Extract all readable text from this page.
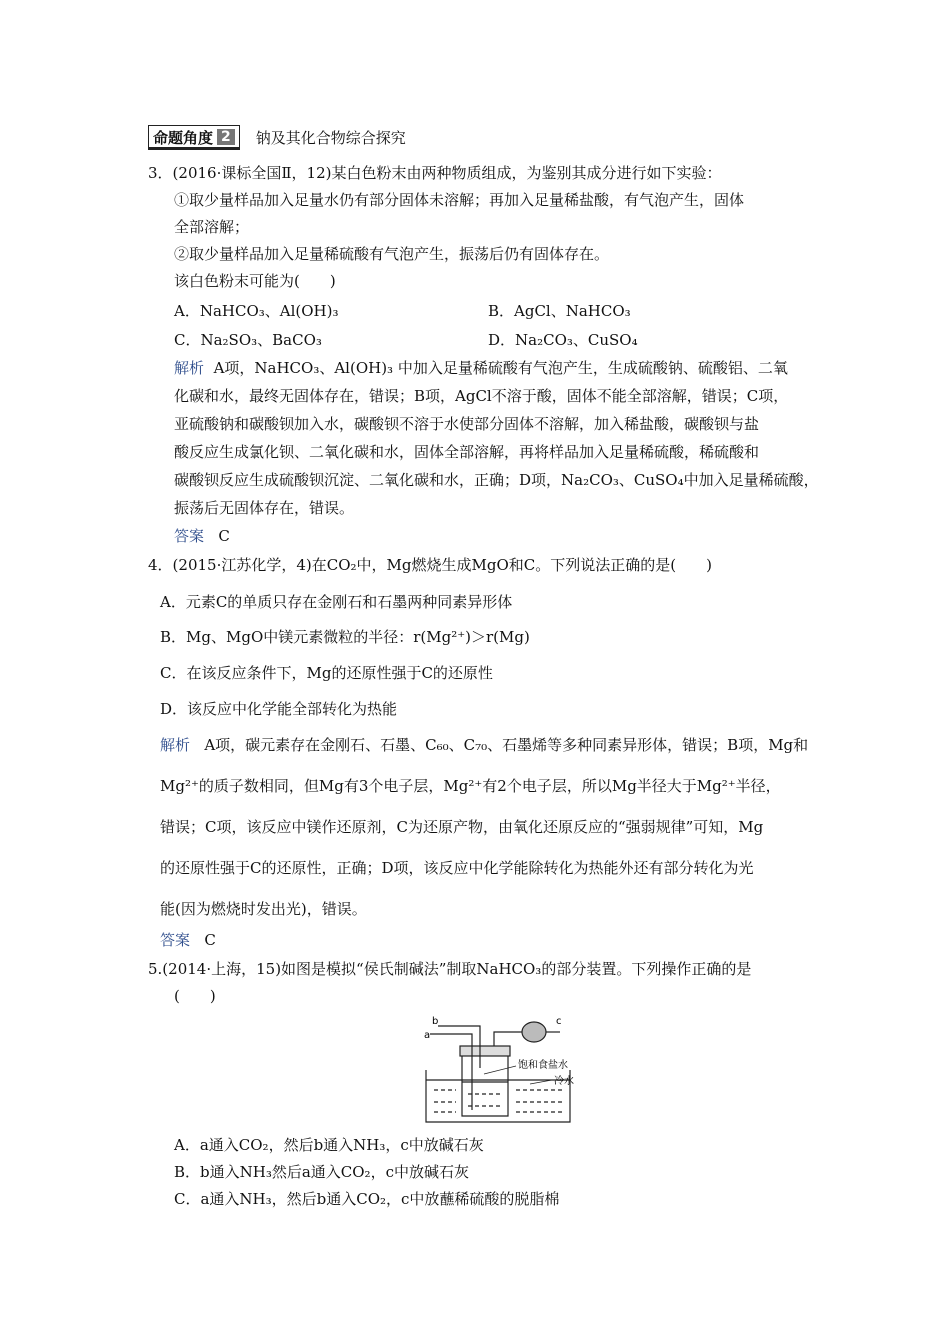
命题角度 2 钠及其化合物综合探究
3．(2016·课标全国Ⅱ，12)某白色粉末由两种物质组成，为鉴别其成分进行如下实验：
①取少量样品加入足量水仍有部分固体未溶解；再加入足量稀盐酸，有气泡产生，固体
全部溶解；
②取少量样品加入足量稀硫酸有气泡产生，振荡后仍有固体存在。
该白色粉末可能为(　　)
A．NaHCO₃、Al(OH)₃	B．AgCl、NaHCO₃
C．Na₂SO₃、BaCO₃	D．Na₂CO₃、CuSO₄
解析 A项，NaHCO₃、Al(OH)₃ 中加入足量稀硫酸有气泡产生，生成硫酸钠、硫酸铝、二氧
化碳和水，最终无固体存在，错误；B项，AgCl不溶于酸，固体不能全部溶解，错误；C项，
亚硫酸钠和碳酸钡加入水，碳酸钡不溶于水使部分固体不溶解，加入稀盐酸，碳酸钡与盐
酸反应生成氯化钡、二氧化碳和水，固体全部溶解，再将样品加入足量稀硫酸，稀硫酸和
碳酸钡反应生成硫酸钡沉淀、二氧化碳和水，正确；D项，Na₂CO₃、CuSO₄中加入足量稀硫酸，
振荡后无固体存在，错误。
答案 C
4．(2015·江苏化学，4)在CO₂中，Mg燃烧生成MgO和C。下列说法正确的是(　　)
A．元素C的单质只存在金刚石和石墨两种同素异形体
B．Mg、MgO中镁元素微粒的半径：r(Mg²⁺)＞r(Mg)
C．在该反应条件下，Mg的还原性强于C的还原性
D．该反应中化学能全部转化为热能
解析 A项，碳元素存在金刚石、石墨、C₆₀、C₇₀、石墨烯等多种同素异形体，错误；B项，Mg和
Mg²⁺的质子数相同，但Mg有3个电子层，Mg²⁺有2个电子层，所以Mg半径大于Mg²⁺半径，
错误；C项，该反应中镁作还原剂，C为还原产物，由氧化还原反应的“强弱规律”可知，Mg
的还原性强于C的还原性，正确；D项，该反应中化学能除转化为热能外还有部分转化为光
能(因为燃烧时发出光)，错误。
答案 C
5.(2014·上海，15)如图是模拟“侯氏制碱法”制取NaHCO₃的部分装置。下列操作正确的是
(　　)
a
b	c
饱和食盐水
冷水
A．a通入CO₂，然后b通入NH₃，c中放碱石灰
B．b通入NH₃然后a通入CO₂，c中放碱石灰
C．a通入NH₃，然后b通入CO₂，c中放蘸稀硫酸的脱脂棉
